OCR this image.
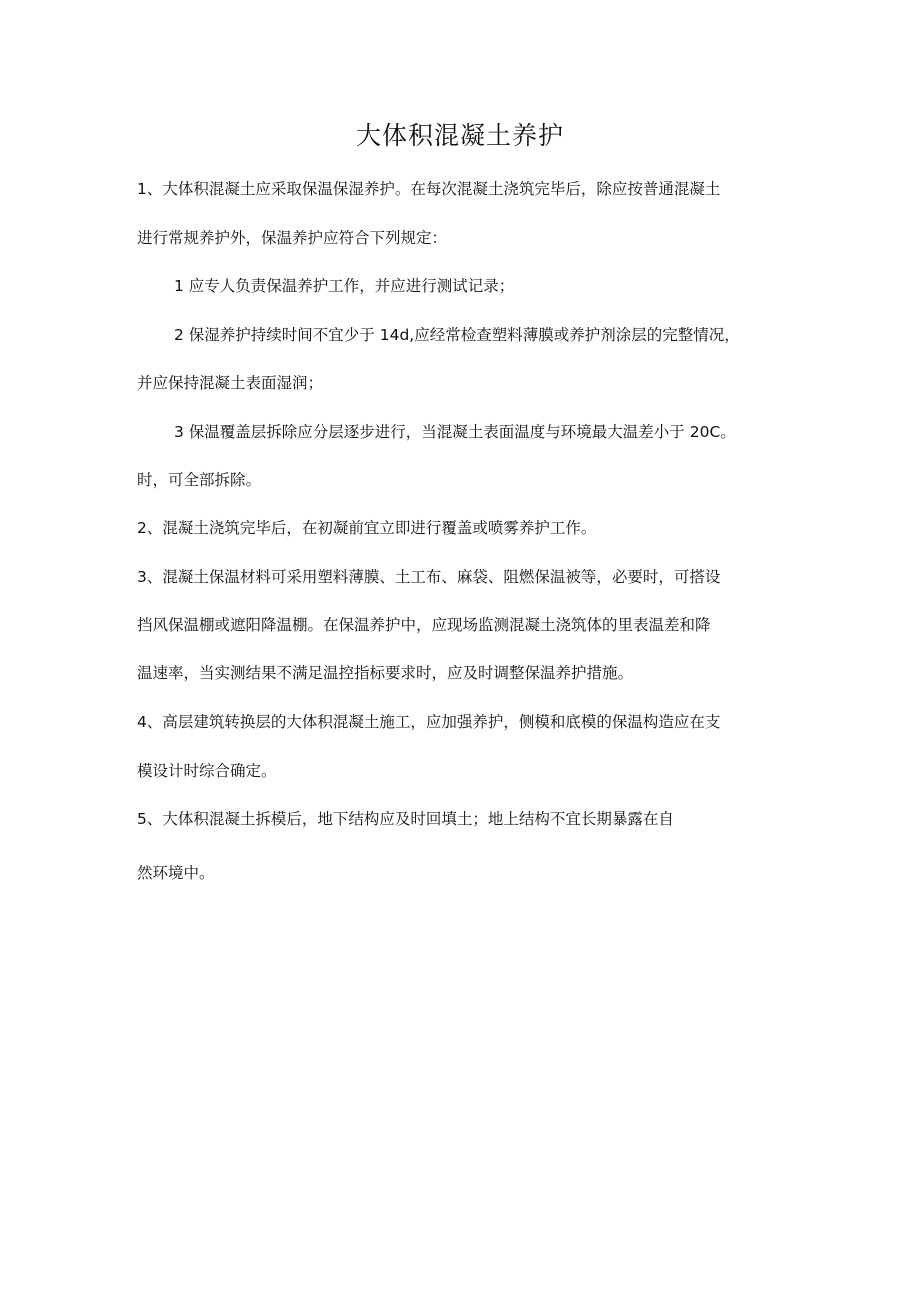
大体积混凝土养护
1、大体积混凝土应采取保温保湿养护。在每次混凝土浇筑完毕后，除应按普通混凝土
进行常规养护外，保温养护应符合下列规定：
1 应专人负责保温养护工作，并应进行测试记录；
2 保湿养护持续时间不宜少于 14d,应经常检查塑料薄膜或养护剂涂层的完整情况，
并应保持混凝土表面湿润；
3 保温覆盖层拆除应分层逐步进行，当混凝土表面温度与环境最大温差小于 20C。
时，可全部拆除。
2、混凝土浇筑完毕后，在初凝前宜立即进行覆盖或喷雾养护工作。
3、混凝土保温材料可采用塑料薄膜、土工布、麻袋、阻燃保温被等，必要时，可搭设
挡风保温棚或遮阳降温棚。在保温养护中，应现场监测混凝土浇筑体的里表温差和降
温速率，当实测结果不满足温控指标要求时，应及时调整保温养护措施。
4、高层建筑转换层的大体积混凝土施工，应加强养护，侧模和底模的保温构造应在支
模设计时综合确定。
5、大体积混凝土拆模后，地下结构应及时回填土；地上结构不宜长期暴露在自
然环境中。
